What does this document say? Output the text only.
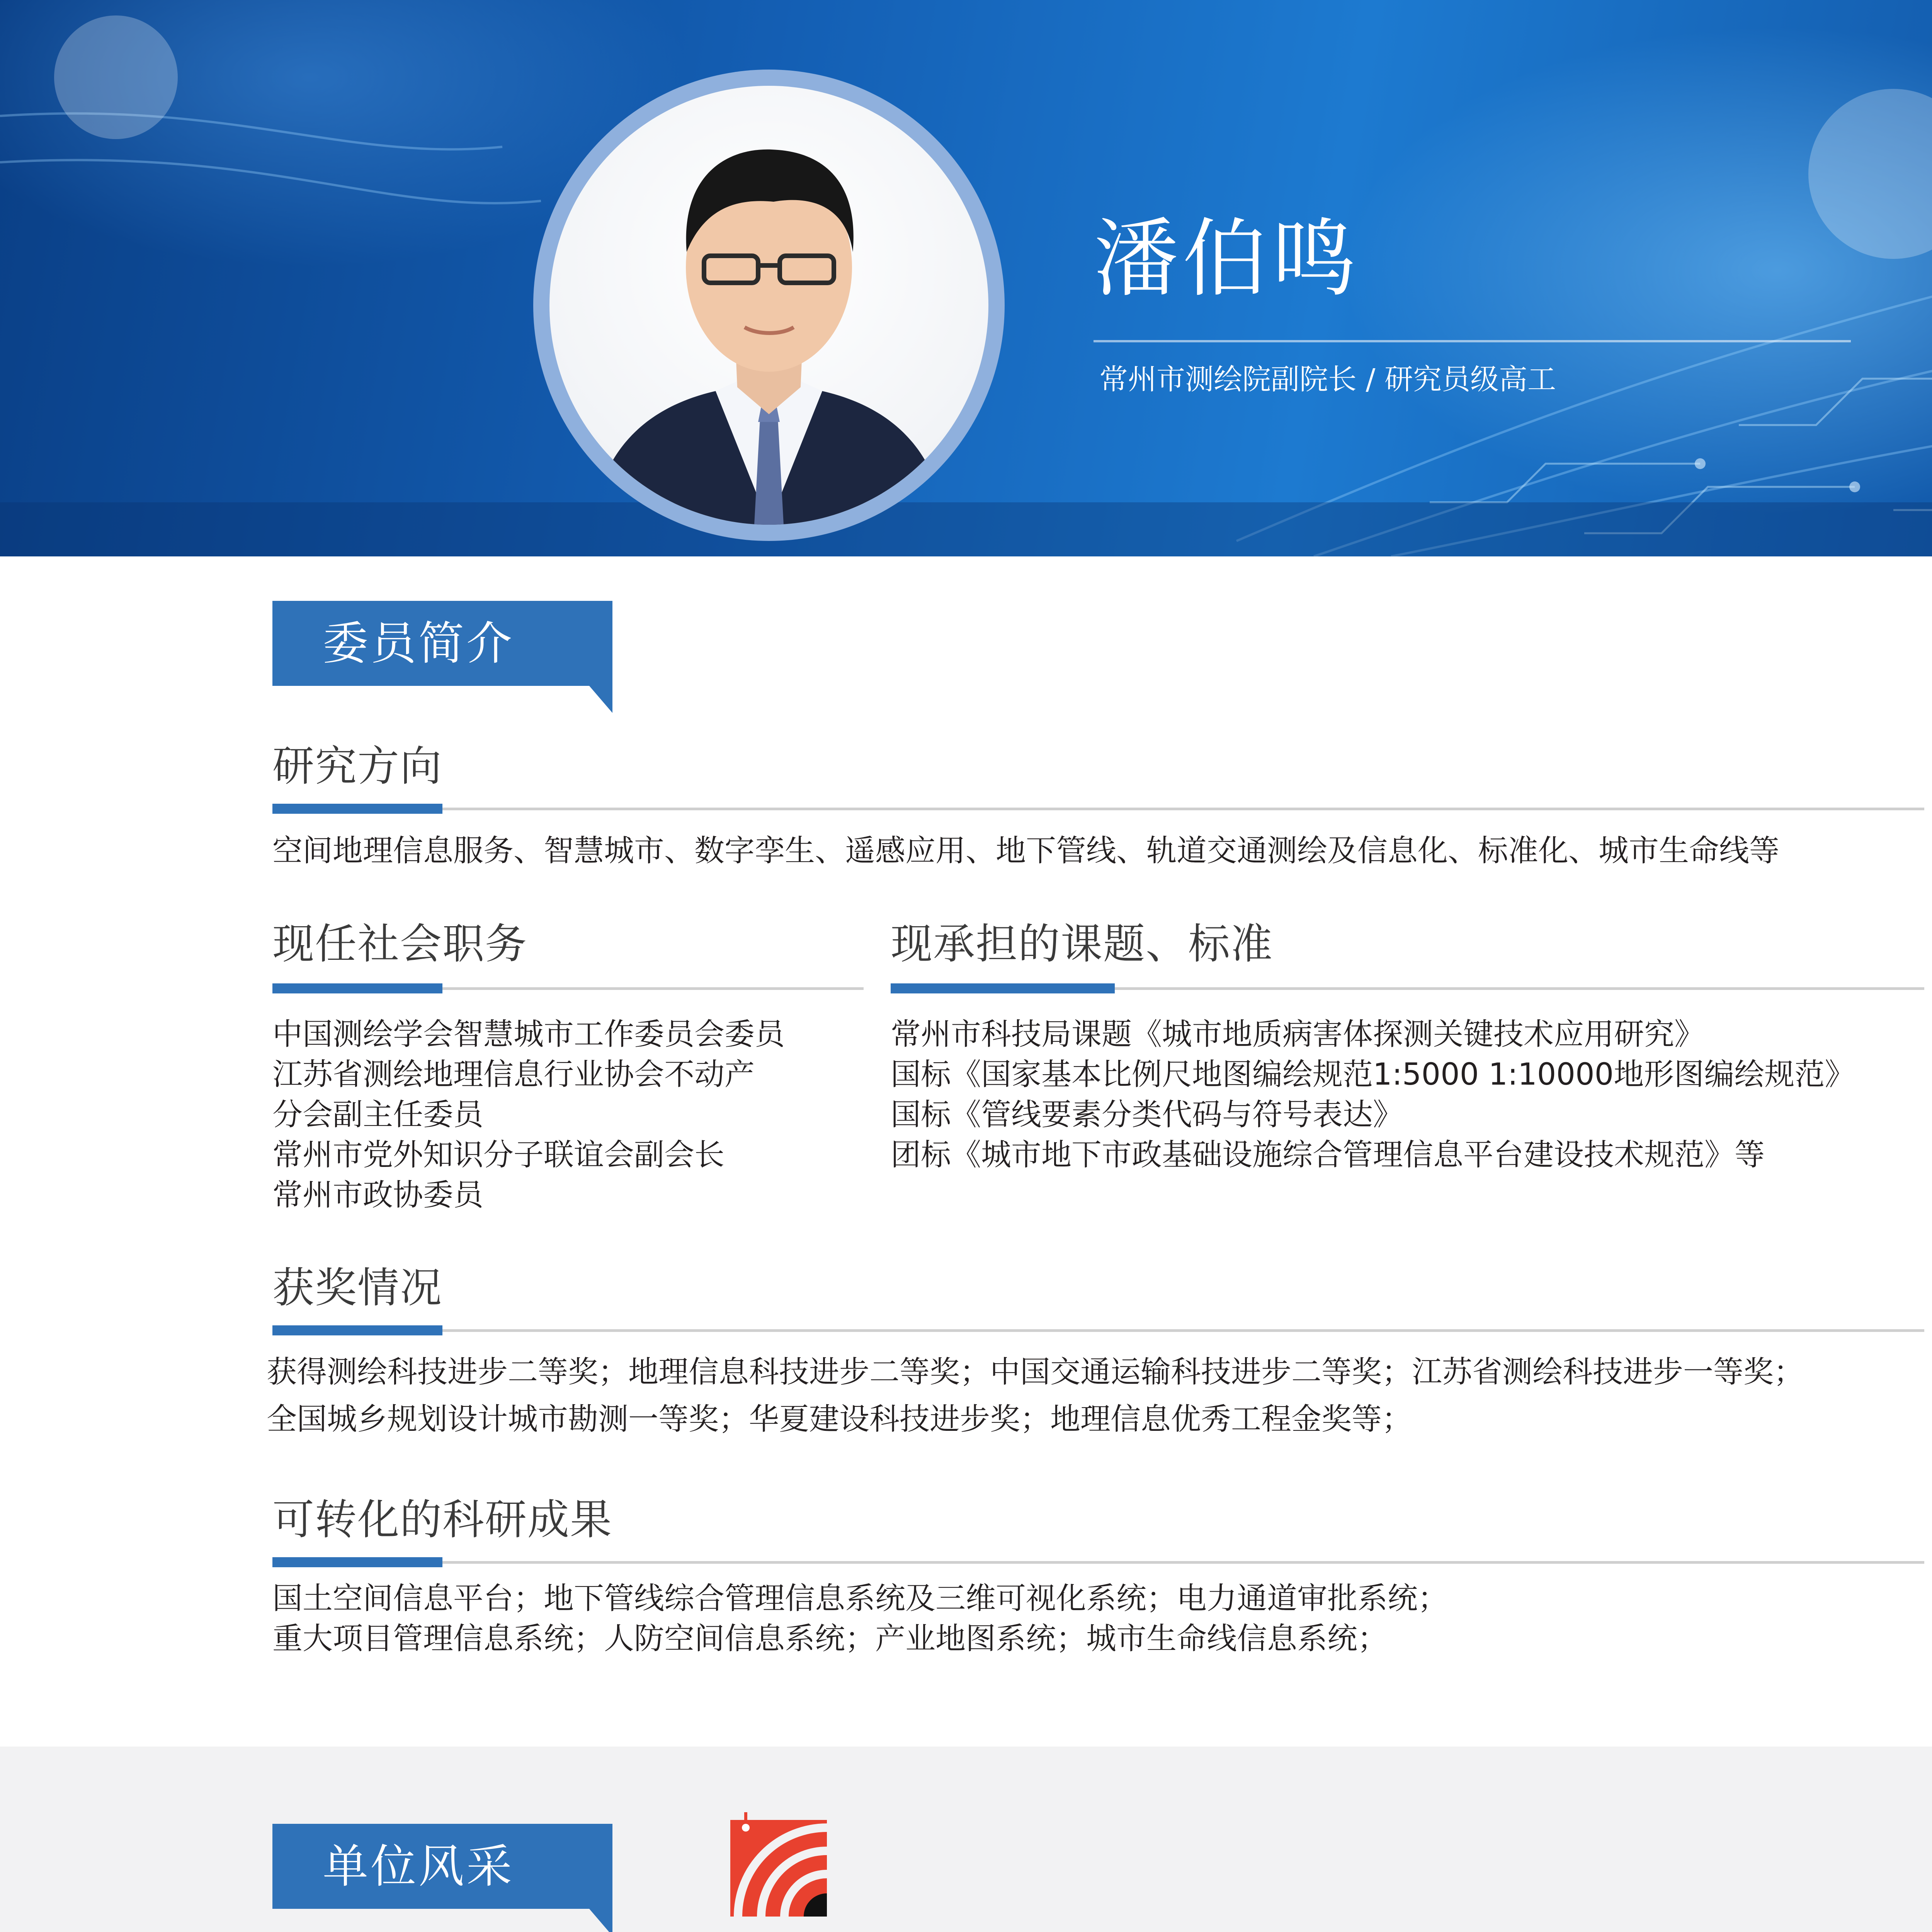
潘伯鸣
常州市测绘院副院长 / 研究员级高工
委员简介
研究方向
空间地理信息服务、智慧城市、数字孪生、遥感应用、地下管线、轨道交通测绘及信息化、标准化、城市生命线等
现任社会职务
中国测绘学会智慧城市工作委员会委员
江苏省测绘地理信息行业协会不动产
分会副主任委员
常州市党外知识分子联谊会副会长
常州市政协委员
现承担的课题、标准
常州市科技局课题《城市地质病害体探测关键技术应用研究》
国标《国家基本比例尺地图编绘规范1:5000 1:10000地形图编绘规范》
国标《管线要素分类代码与符号表达》
团标《城市地下市政基础设施综合管理信息平台建设技术规范》等
获奖情况
获得测绘科技进步二等奖；地理信息科技进步二等奖；中国交通运输科技进步二等奖；江苏省测绘科技进步一等奖；
全国城乡规划设计城市勘测一等奖；华夏建设科技进步奖；地理信息优秀工程金奖等；
可转化的科研成果
国土空间信息平台；地下管线综合管理信息系统及三维可视化系统；电力通道审批系统；
重大项目管理信息系统；人防空间信息系统；产业地图系统；城市生命线信息系统；
单位风采
